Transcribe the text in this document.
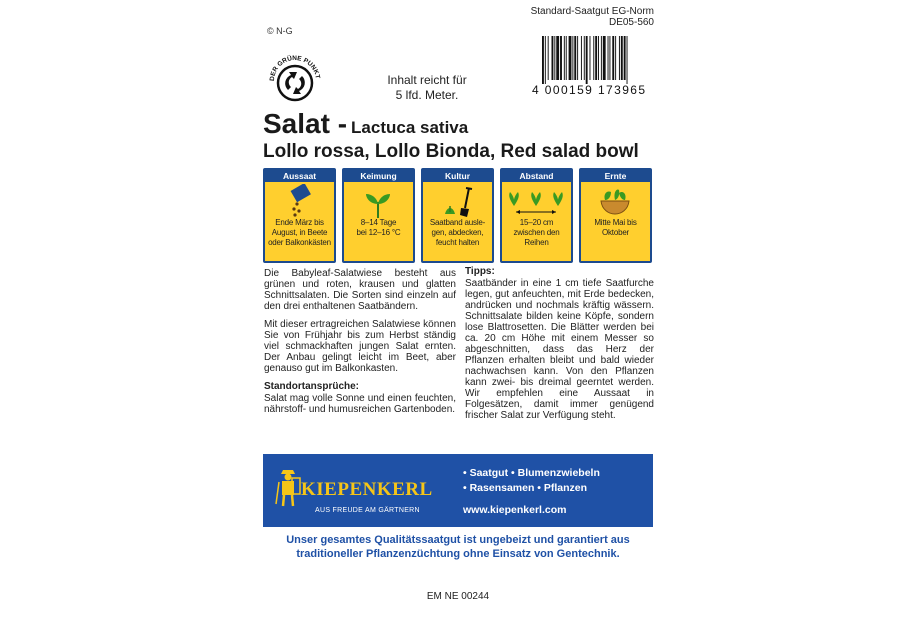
© N-G
Standard-Saatgut EG-Norm
DE05-560
DER GRÜNE PUNKT	Inhalt reicht für
5 lfd. Meter.	4 000159 173965
Salat - Lactuca sativa
Lollo rossa, Lollo Bionda, Red salad bowl
Aussaat
Ende März bis
August, in Beete
oder Balkonkästen
Keimung
8–14 Tage
bei 12–16 °C
Kultur
Saatband ausle-
gen, abdecken,
feucht halten
Abstand
15–20 cm
zwischen den
Reihen
Ernte
Mitte Mai bis
Oktober

Die Babyleaf-Salatwiese besteht aus grünen und roten, krausen und glatten Schnittsalaten. Die Sorten sind einzeln auf den drei enthaltenen Saatbändern.

Mit dieser ertragreichen Salatwiese können Sie von Frühjahr bis zum Herbst ständig viel schmackhaften jungen Salat ernten. Der Anbau gelingt leicht im Beet, aber genauso gut im Balkonkasten.

Standortansprüche:

Salat mag volle Sonne und einen feuchten, nährstoff- und humusreichen Gartenboden.

Tipps:

Saatbänder in eine 1 cm tiefe Saatfurche legen, gut anfeuchten, mit Erde bedecken, andrücken und nochmals kräftig wässern. Schnittsalate bilden keine Köpfe, sondern lose Blattrosetten. Die Blätter werden bei ca. 20 cm Höhe mit einem Messer so abgeschnitten, dass das Herz der Pflanzen erhalten bleibt und bald wieder nachwachsen kann. Von den Pflanzen kann zwei- bis dreimal geerntet werden. Wir empfehlen eine Aussaat in Folgesätzen, damit immer genügend frischer Salat zur Verfügung steht.

KIEPENKERL
AUS FREUDE AM GÄRTNERN
• Saatgut • Blumenzwiebeln
• Rasensamen • Pflanzen
www.kiepenkerl.com
Unser gesamtes Qualitätssaatgut ist ungebeizt und garantiert aus
traditioneller Pflanzenzüchtung ohne Einsatz von Gentechnik.
EM NE 00244
